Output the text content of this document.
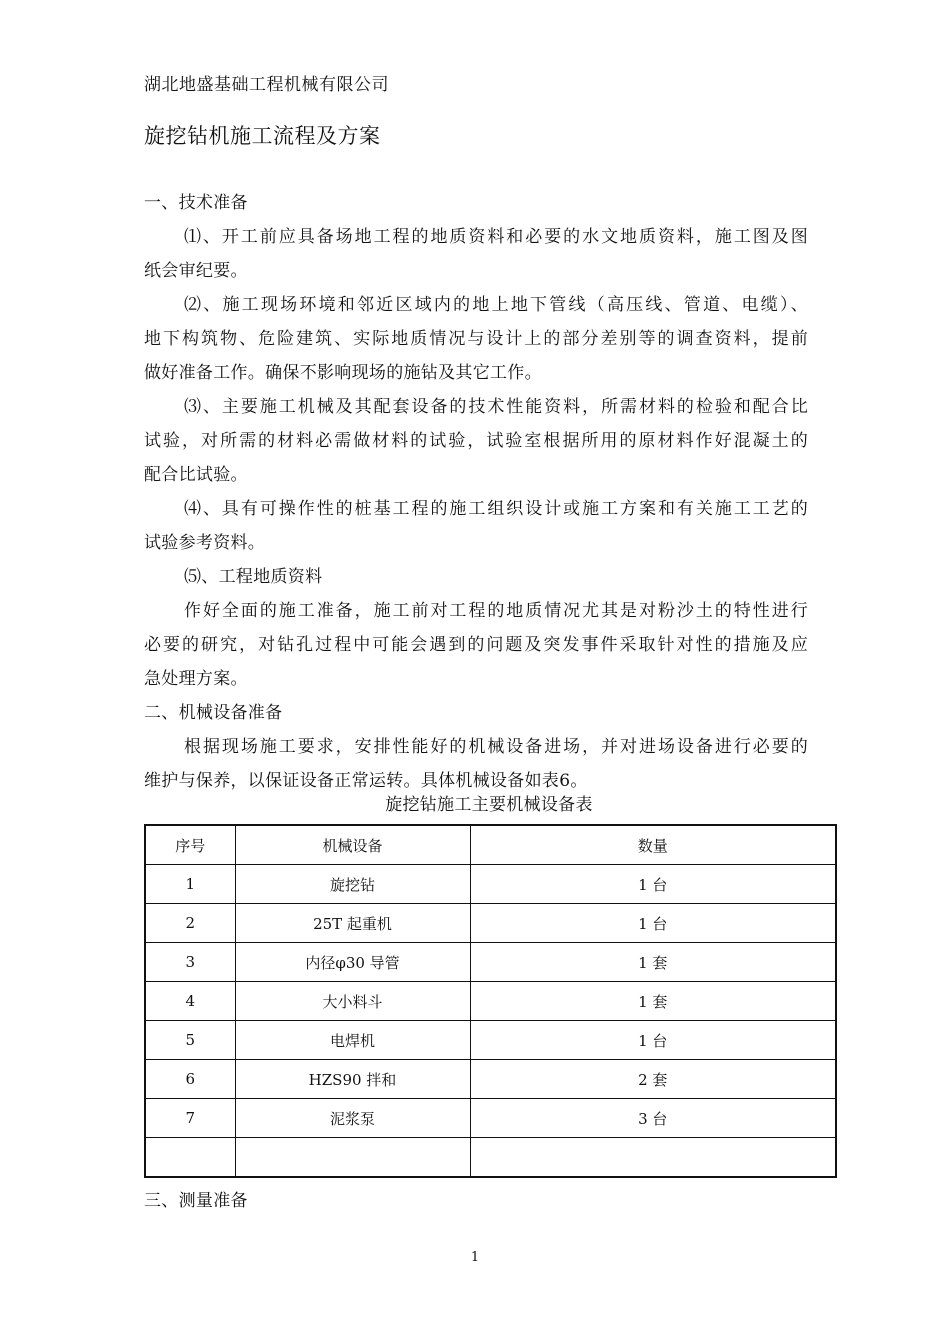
湖北地盛基础工程机械有限公司
旋挖钻机施工流程及方案
一、技术准备
⑴、开工前应具备场地工程的地质资料和必要的水文地质资料，施工图及图
纸会审纪要。
⑵、施工现场环境和邻近区域内的地上地下管线（高压线、管道、电缆）、
地下构筑物、危险建筑、实际地质情况与设计上的部分差别等的调查资料，提前
做好准备工作。确保不影响现场的施钻及其它工作。
⑶、主要施工机械及其配套设备的技术性能资料，所需材料的检验和配合比
试验，对所需的材料必需做材料的试验，试验室根据所用的原材料作好混凝土的
配合比试验。
⑷、具有可操作性的桩基工程的施工组织设计或施工方案和有关施工工艺的
试验参考资料。
⑸、工程地质资料
作好全面的施工准备，施工前对工程的地质情况尤其是对粉沙土的特性进行
必要的研究，对钻孔过程中可能会遇到的问题及突发事件采取针对性的措施及应
急处理方案。
二、机械设备准备
根据现场施工要求，安排性能好的机械设备进场，并对进场设备进行必要的
维护与保养，以保证设备正常运转。具体机械设备如表6。
旋挖钻施工主要机械设备表
序号	机械设备	数量
1	旋挖钻	1 台
2	25T 起重机	1 台
3	内径φ30 导管	1 套
4	大小料斗	1 套
5	电焊机	1 台
6	HZS90 拌和	2 套
7	泥浆泵	3 台

三、测量准备
1
